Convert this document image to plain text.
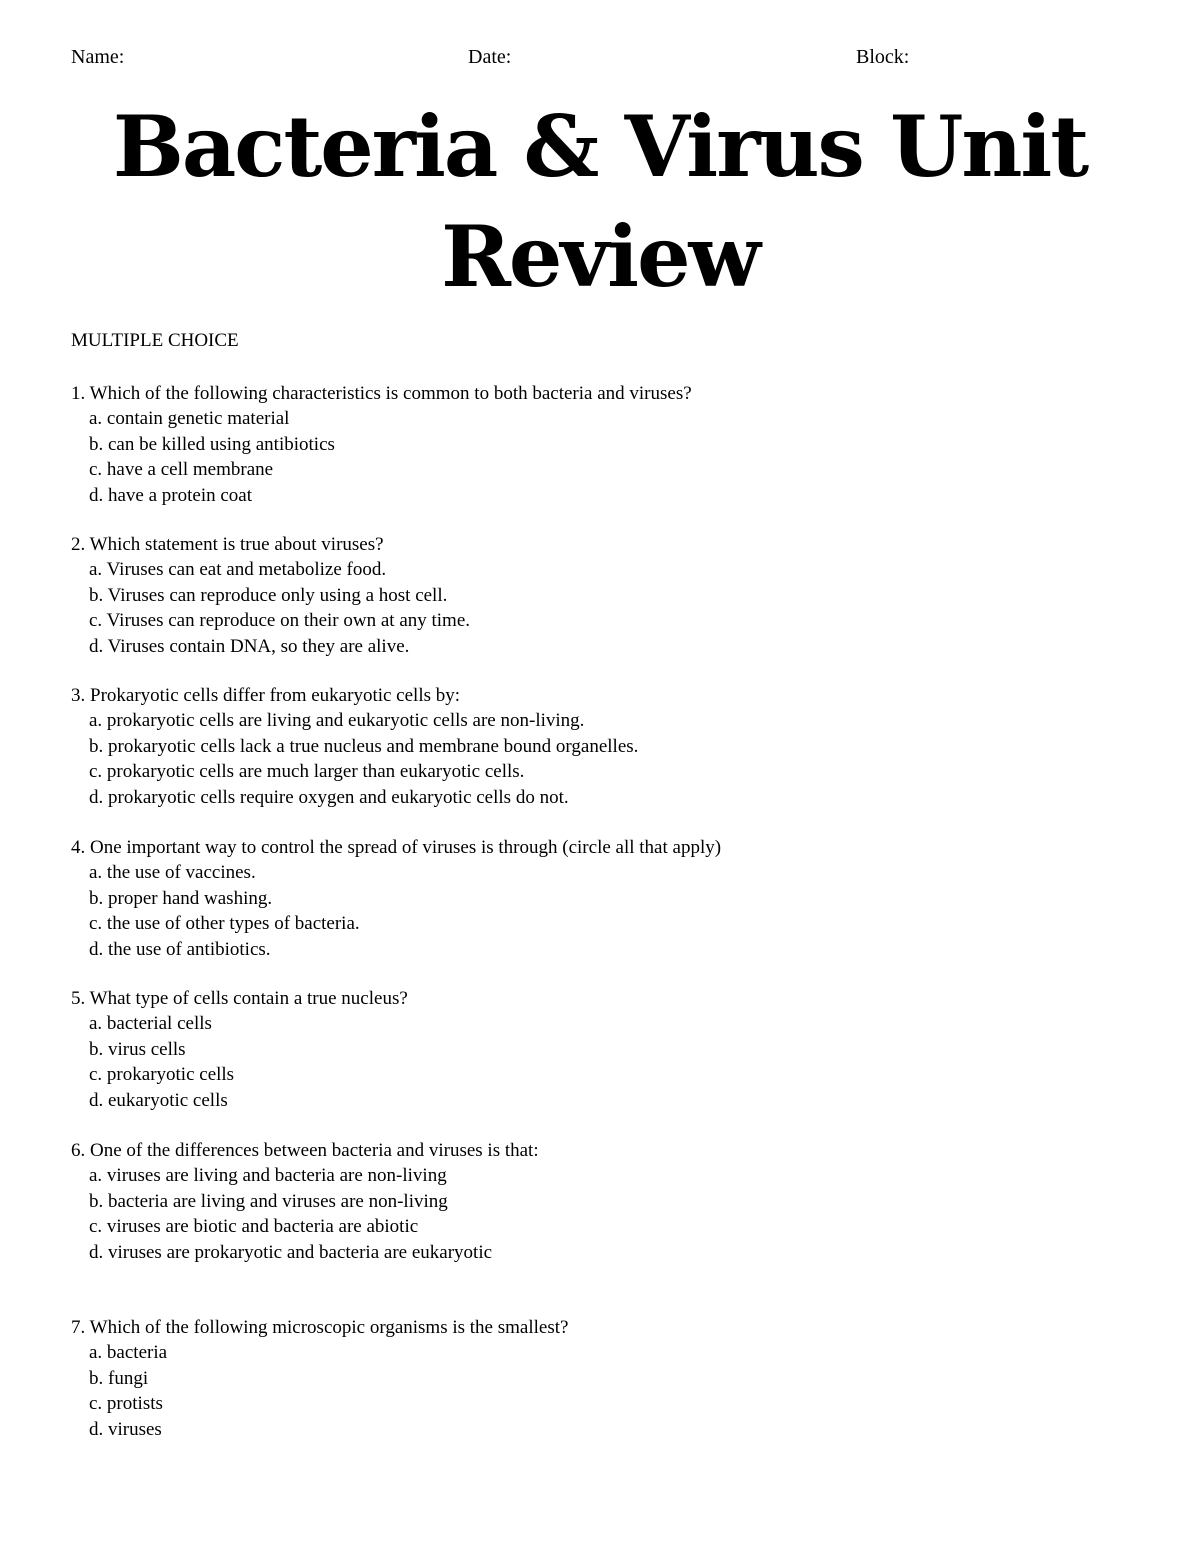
Name:	Date:	Block:
Bacteria & Virus Unit
Review
MULTIPLE CHOICE
1. Which of the following characteristics is common to both bacteria and viruses?
a. contain genetic material
b. can be killed using antibiotics
c. have a cell membrane
d. have a protein coat
2. Which statement is true about viruses?
a. Viruses can eat and metabolize food.
b. Viruses can reproduce only using a host cell.
c. Viruses can reproduce on their own at any time.
d. Viruses contain DNA, so they are alive.
3. Prokaryotic cells differ from eukaryotic cells by:
a. prokaryotic cells are living and eukaryotic cells are non-living.
b. prokaryotic cells lack a true nucleus and membrane bound organelles.
c. prokaryotic cells are much larger than eukaryotic cells.
d. prokaryotic cells require oxygen and eukaryotic cells do not.
4. One important way to control the spread of viruses is through (circle all that apply)
a. the use of vaccines.
b. proper hand washing.
c. the use of other types of bacteria.
d. the use of antibiotics.
5. What type of cells contain a true nucleus?
a. bacterial cells
b. virus cells
c. prokaryotic cells
d. eukaryotic cells
6. One of the differences between bacteria and viruses is that:
a. viruses are living and bacteria are non-living
b. bacteria are living and viruses are non-living
c. viruses are biotic and bacteria are abiotic
d. viruses are prokaryotic and bacteria are eukaryotic
7. Which of the following microscopic organisms is the smallest?
a. bacteria
b. fungi
c. protists
d. viruses
